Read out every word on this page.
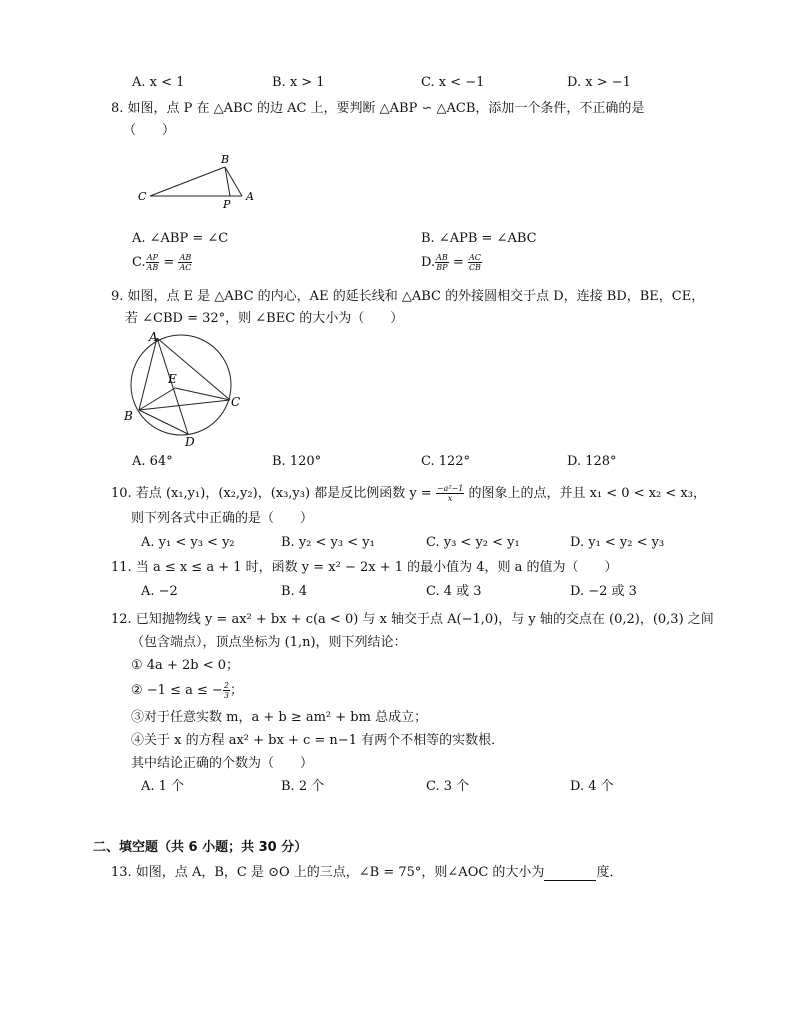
A. x < 1	B. x > 1	C. x < −1	D. x > −1
8. 如图，点 P 在 △ABC 的边 AC 上，要判断 △ABP ∽ △ACB，添加一个条件，不正确的是
（　　）
B
C
P
A
A. ∠ABP = ∠C	B. ∠APB = ∠ABC
C. $\frac{AP}{AB} = \frac{AB}{AC}$	D. $\frac{AB}{BP} = \frac{AC}{CB}$
9. 如图，点 E 是 △ABC 的内心，AE 的延长线和 △ABC 的外接圆相交于点 D，连接 BD，BE，CE，
若 ∠CBD = 32°，则 ∠BEC 的大小为（　　）
A
E
B
C
D
A. 64°	B. 120°	C. 122°	D. 128°
10. 若点 (x₁,y₁)，(x₂,y₂)，(x₃,y₃) 都是反比例函数 $y = \frac{\text{−a²−1}}{x}$ 的图象上的点，并且 x₁ < 0 < x₂ < x₃，
则下列各式中正确的是（　　）
A. y₁ < y₃ < y₂	B. y₂ < y₃ < y₁	C. y₃ < y₂ < y₁	D. y₁ < y₂ < y₃
11. 当 a ≤ x ≤ a + 1 时，函数 y = x² − 2x + 1 的最小值为 4，则 a 的值为（　　）
A. −2	B. 4	C. 4 或 3	D. −2 或 3
12. 已知抛物线 y = ax² + bx + c(a < 0) 与 x 轴交于点 A(−1,0)，与 y 轴的交点在 (0,2)，(0,3) 之间
（包含端点），顶点坐标为 (1,n)，则下列结论：
① 4a + 2b < 0；
② −1 ≤ a ≤ − $\frac{2}{3}$ ；
③对于任意实数 m，a + b ≥ am² + bm 总成立；
④关于 x 的方程 ax² + bx + c = n−1 有两个不相等的实数根．
其中结论正确的个数为（　　）
A. 1 个	B. 2 个	C. 3 个	D. 4 个
二、填空题（共 6 小题；共 30 分）
13. 如图，点 A，B，C 是 ⊙O 上的三点，∠B = 75°，则∠AOC 的大小为	度．
